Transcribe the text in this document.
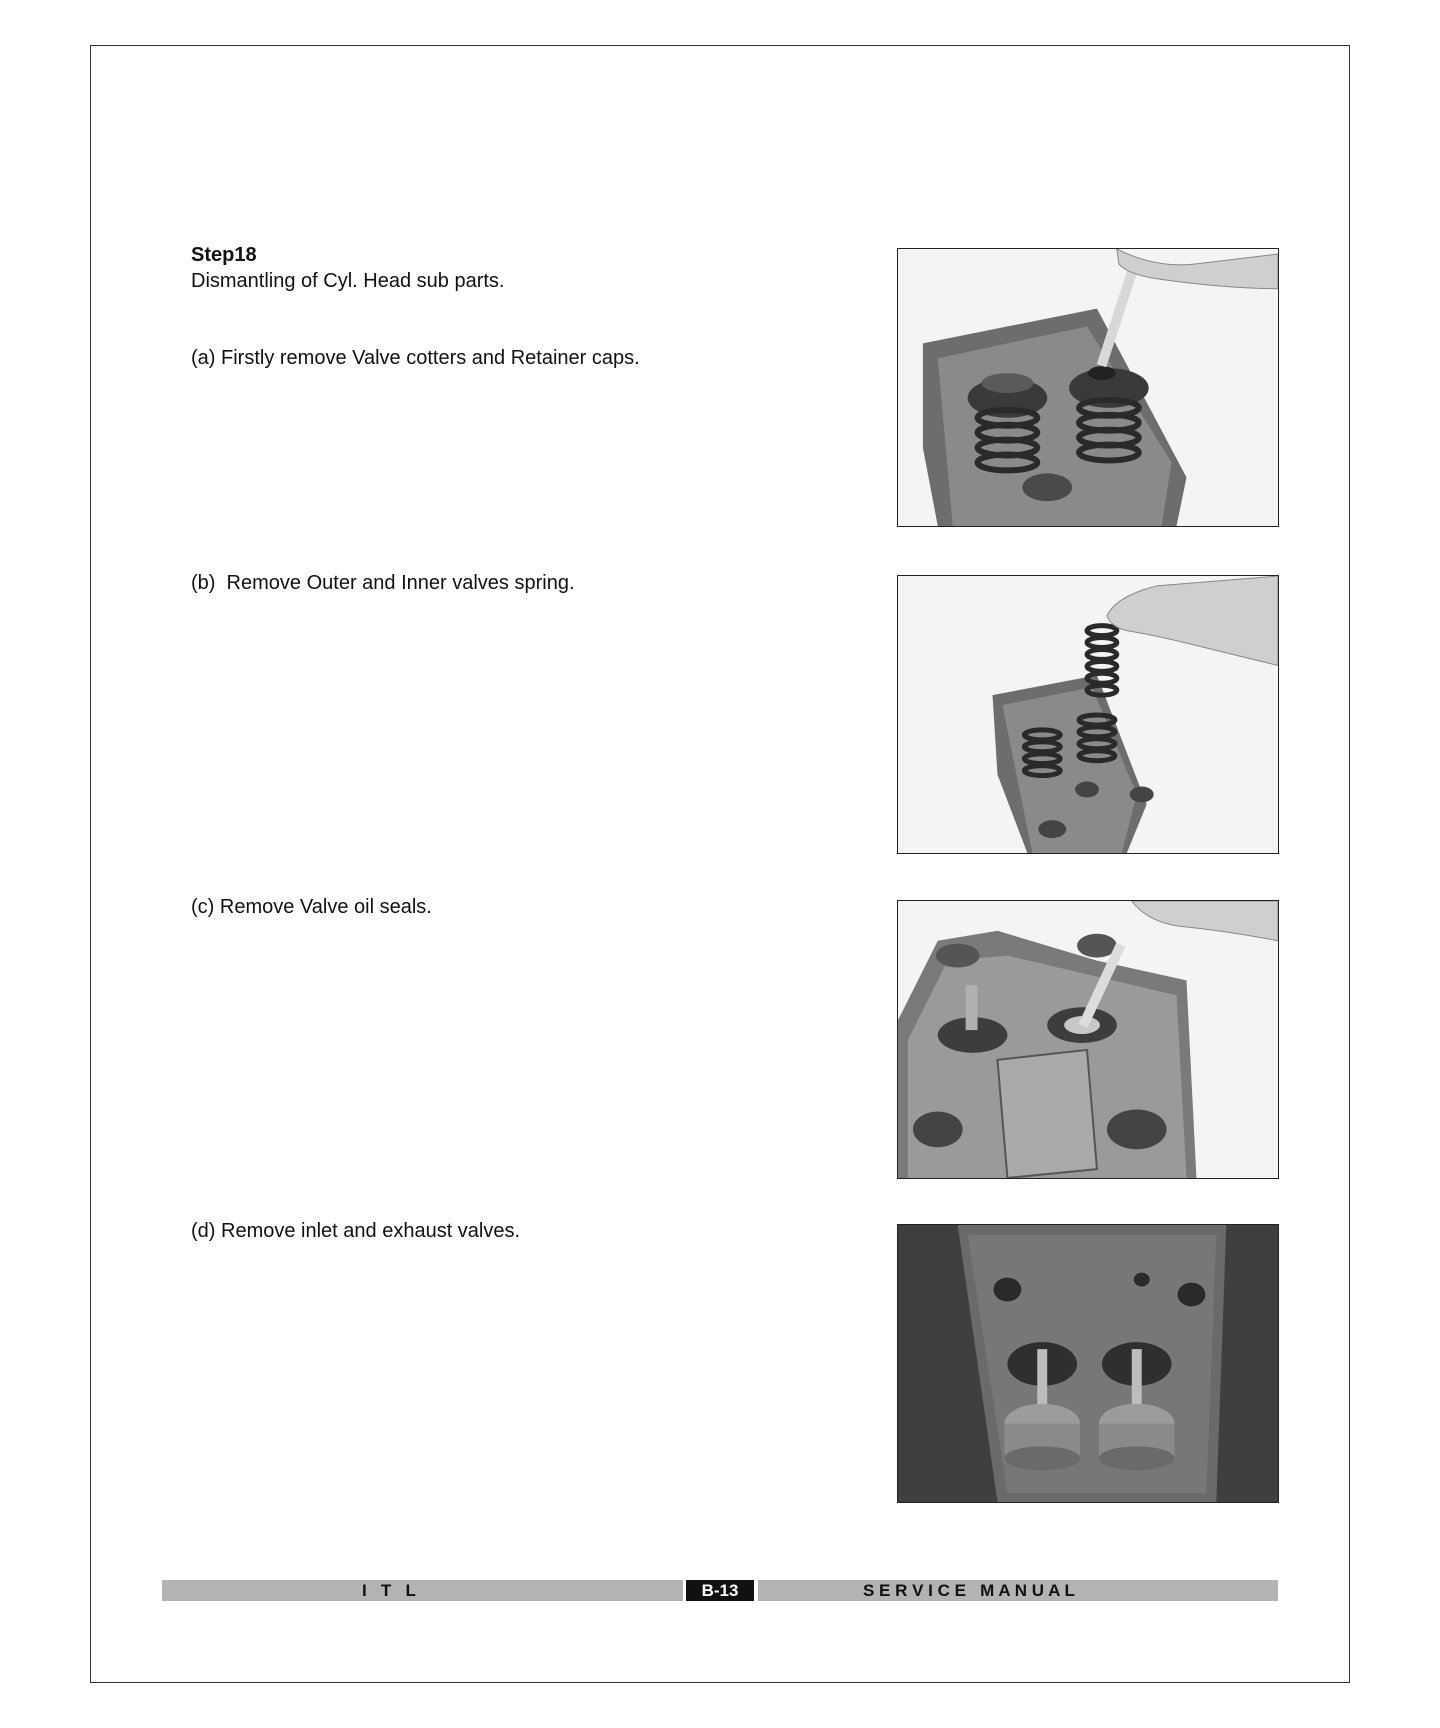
Step18
Dismantling of Cyl. Head sub parts.
(a) Firstly remove Valve cotters and Retainer caps.
(b)  Remove Outer and Inner valves spring.
(c) Remove Valve oil seals.
(d) Remove inlet and exhaust valves.
I   T   L	B-13	S E R V I C E   M A N U A L
